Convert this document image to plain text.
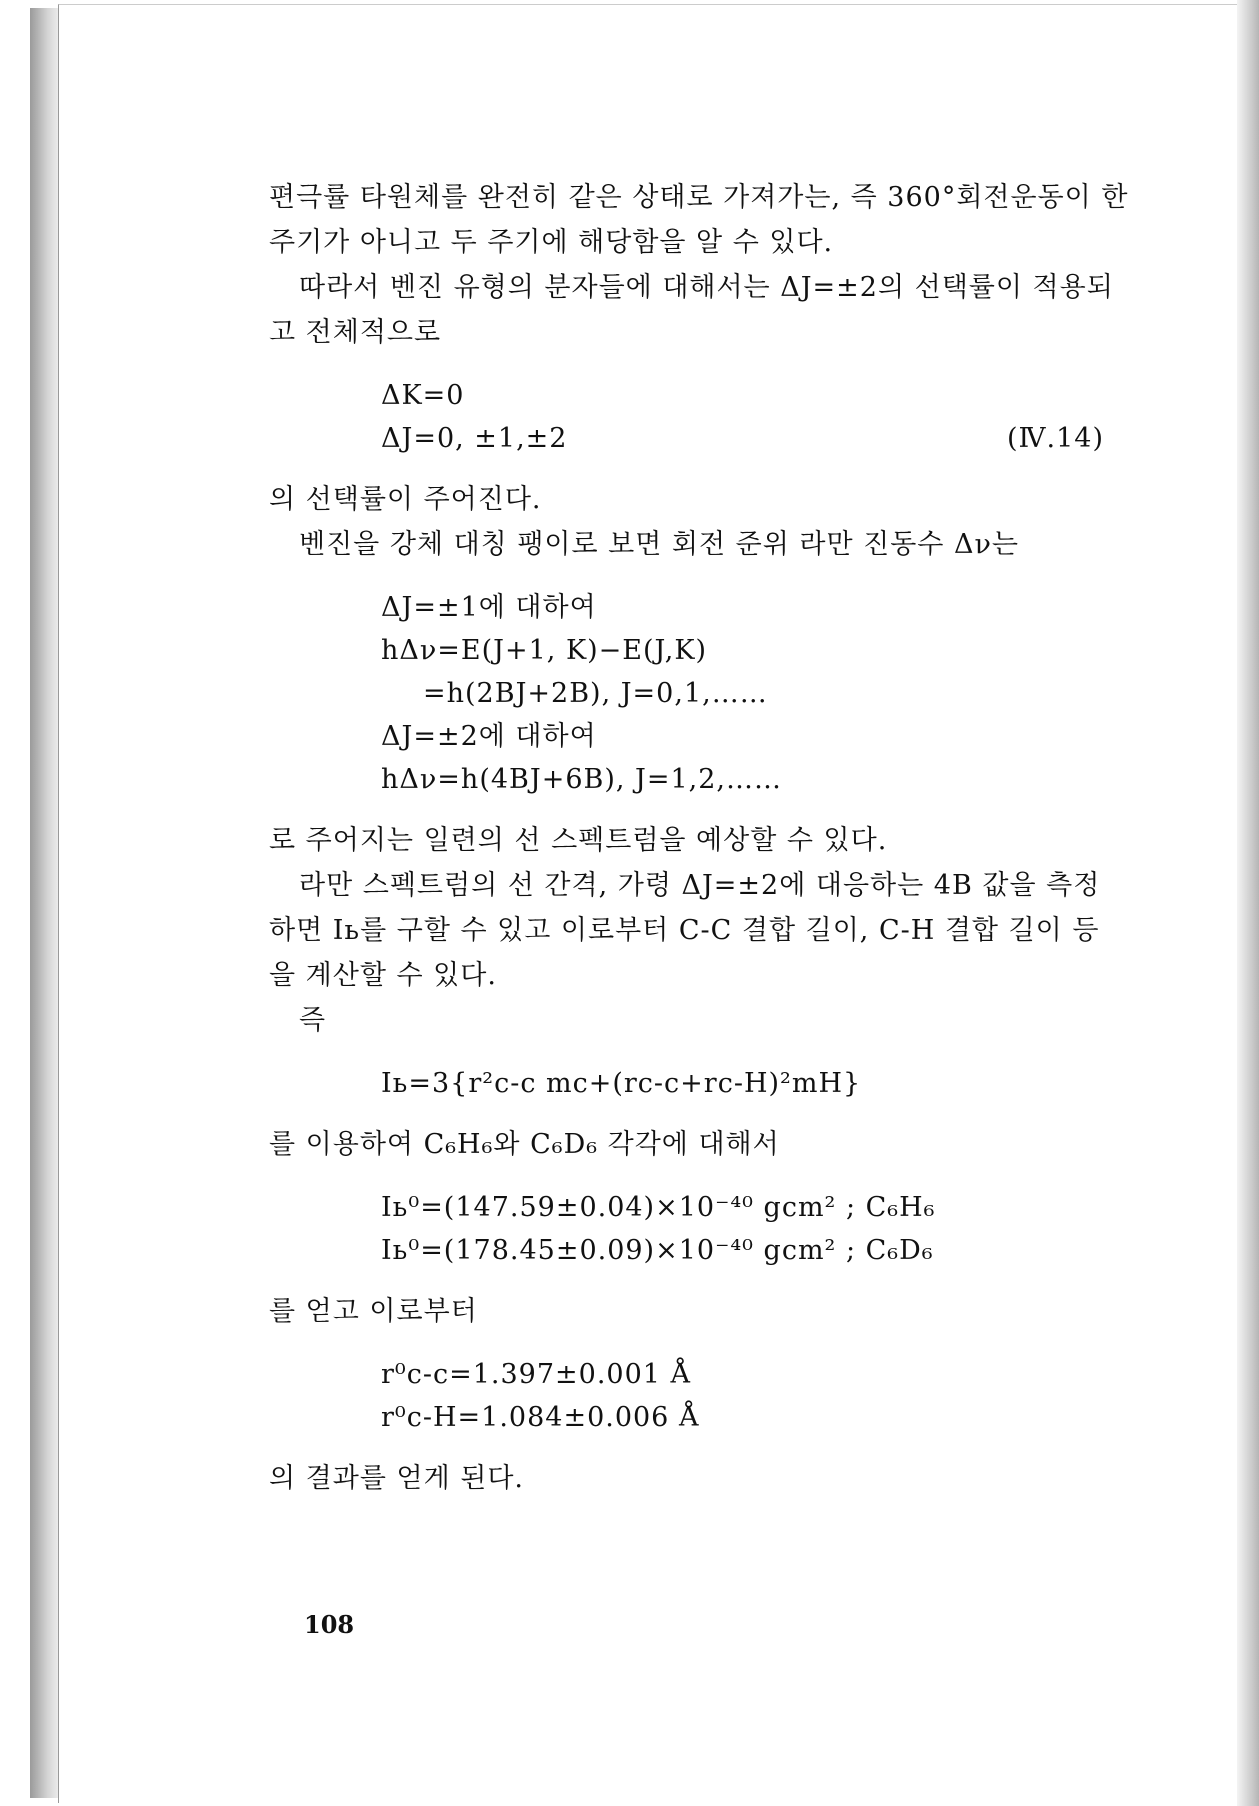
편극률 타원체를 완전히 같은 상태로 가져가는, 즉 360°회전운동이 한

주기가 아니고 두 주기에 해당함을 알 수 있다.

따라서 벤진 유형의 분자들에 대해서는 ΔJ=±2의 선택률이 적용되

고 전체적으로

ΔK=0
ΔJ=0, ±1,±2	(Ⅳ.14)

의 선택률이 주어진다.

벤진을 강체 대칭 팽이로 보면 회전 준위 라만 진동수 Δν는

ΔJ=±1에 대하여
hΔν=E(J+1, K)−E(J,K)
=h(2BJ+2B), J=0,1,……
ΔJ=±2에 대하여
hΔν=h(4BJ+6B), J=1,2,……

로 주어지는 일련의 선 스펙트럼을 예상할 수 있다.

라만 스펙트럼의 선 간격, 가령 ΔJ=±2에 대응하는 4B 값을 측정

하면 Iь를 구할 수 있고 이로부터 C-C 결합 길이, C-H 결합 길이 등

을 계산할 수 있다.

즉

Iь=3{r²c-c mc+(rc-c+rc-H)²mH}

를 이용하여 C₆H₆와 C₆D₆ 각각에 대해서

Iь⁰=(147.59±0.04)×10⁻⁴⁰ gcm² ; C₆H₆
Iь⁰=(178.45±0.09)×10⁻⁴⁰ gcm² ; C₆D₆

를 얻고 이로부터

r⁰c-c=1.397±0.001 Å
r⁰c-H=1.084±0.006 Å

의 결과를 얻게 된다.

108
